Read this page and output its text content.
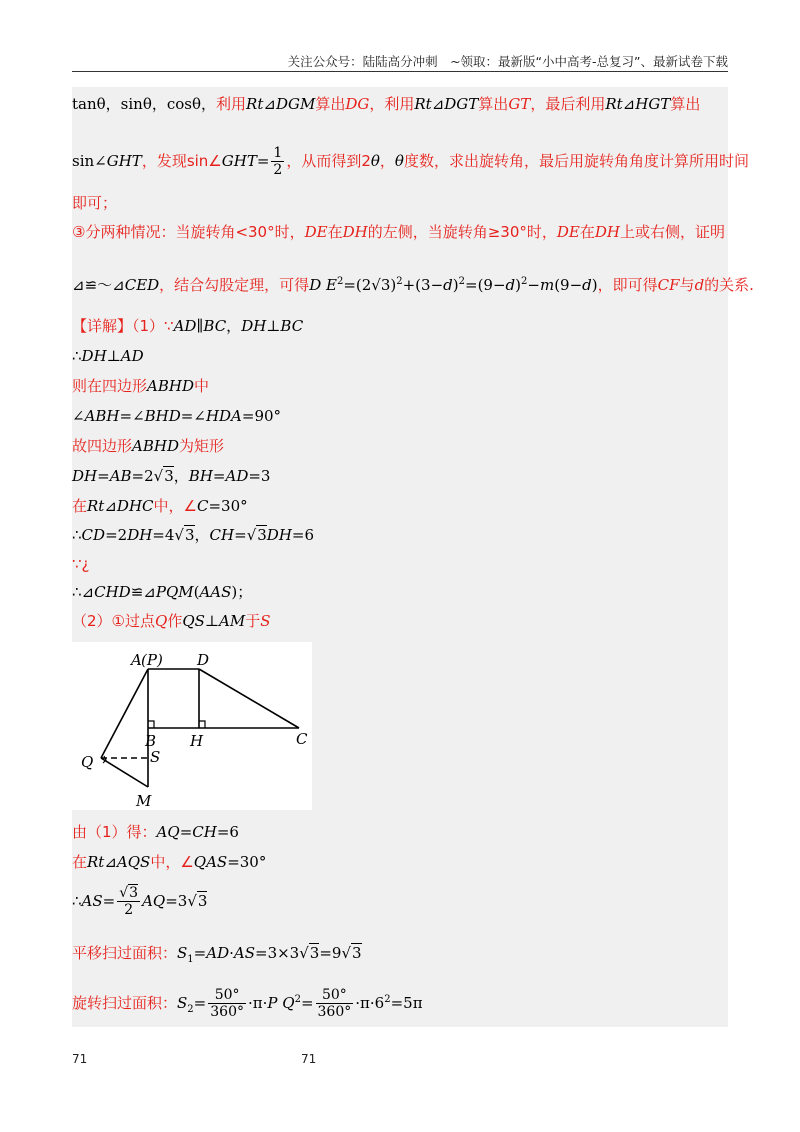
关注公众号：陆陆高分冲刺　~领取：最新版“小中高考-总复习”、最新试卷下载
tanθ，sinθ，cosθ，利用Rt⊿DGM算出DG，利用Rt⊿DGT算出GT，最后利用Rt⊿HGT算出
sin∠GHT，发现sin∠GHT= $\frac{1}{2}$ ，从而得到2θ，θ度数，求出旋转角，最后用旋转角角度计算所用时间
即可；
③分两种情况：当旋转角<30°时，DE在DH的左侧，当旋转角≥30°时，DE在DH上或右侧，证明
⊿≌～⊿CED，结合勾股定理，可得D $E^2=(2√3)^2+(3-d)^2=(9-d)^2-m(9-d)$，即可得CF与d的关系.
【详解】（1）∵AD∥BC，DH⊥BC
∴DH⊥AD
则在四边形ABHD中
∠ABH=∠BHD=∠HDA=90°
故四边形ABHD为矩形
DH=AB=2√3，BH=AD=3
在Rt⊿DHC中，∠C=30°
∴CD=2DH=4√3，CH=√3DH=6
∵¿
∴⊿CHD≌⊿PQM(AAS)；
（2）①过点Q作QS⊥AM于S
A (P) D
B H	C
Q	S
M
由（1）得：AQ=CH=6
在Rt⊿AQS中，∠QAS=30°
∴AS= $\frac{√3}{2} AQ=3√3$
平移扫过面积：$S_1=AD\cdot AS=3\times 3√3=9√3$
旋转扫过面积：$S_2= \frac{50^\circ}{360^\circ} \cdot\pi\cdot P$ $Q^2= \frac{50^\circ}{360^\circ} \cdot\pi\cdot 6^2=5\pi$
71	71
